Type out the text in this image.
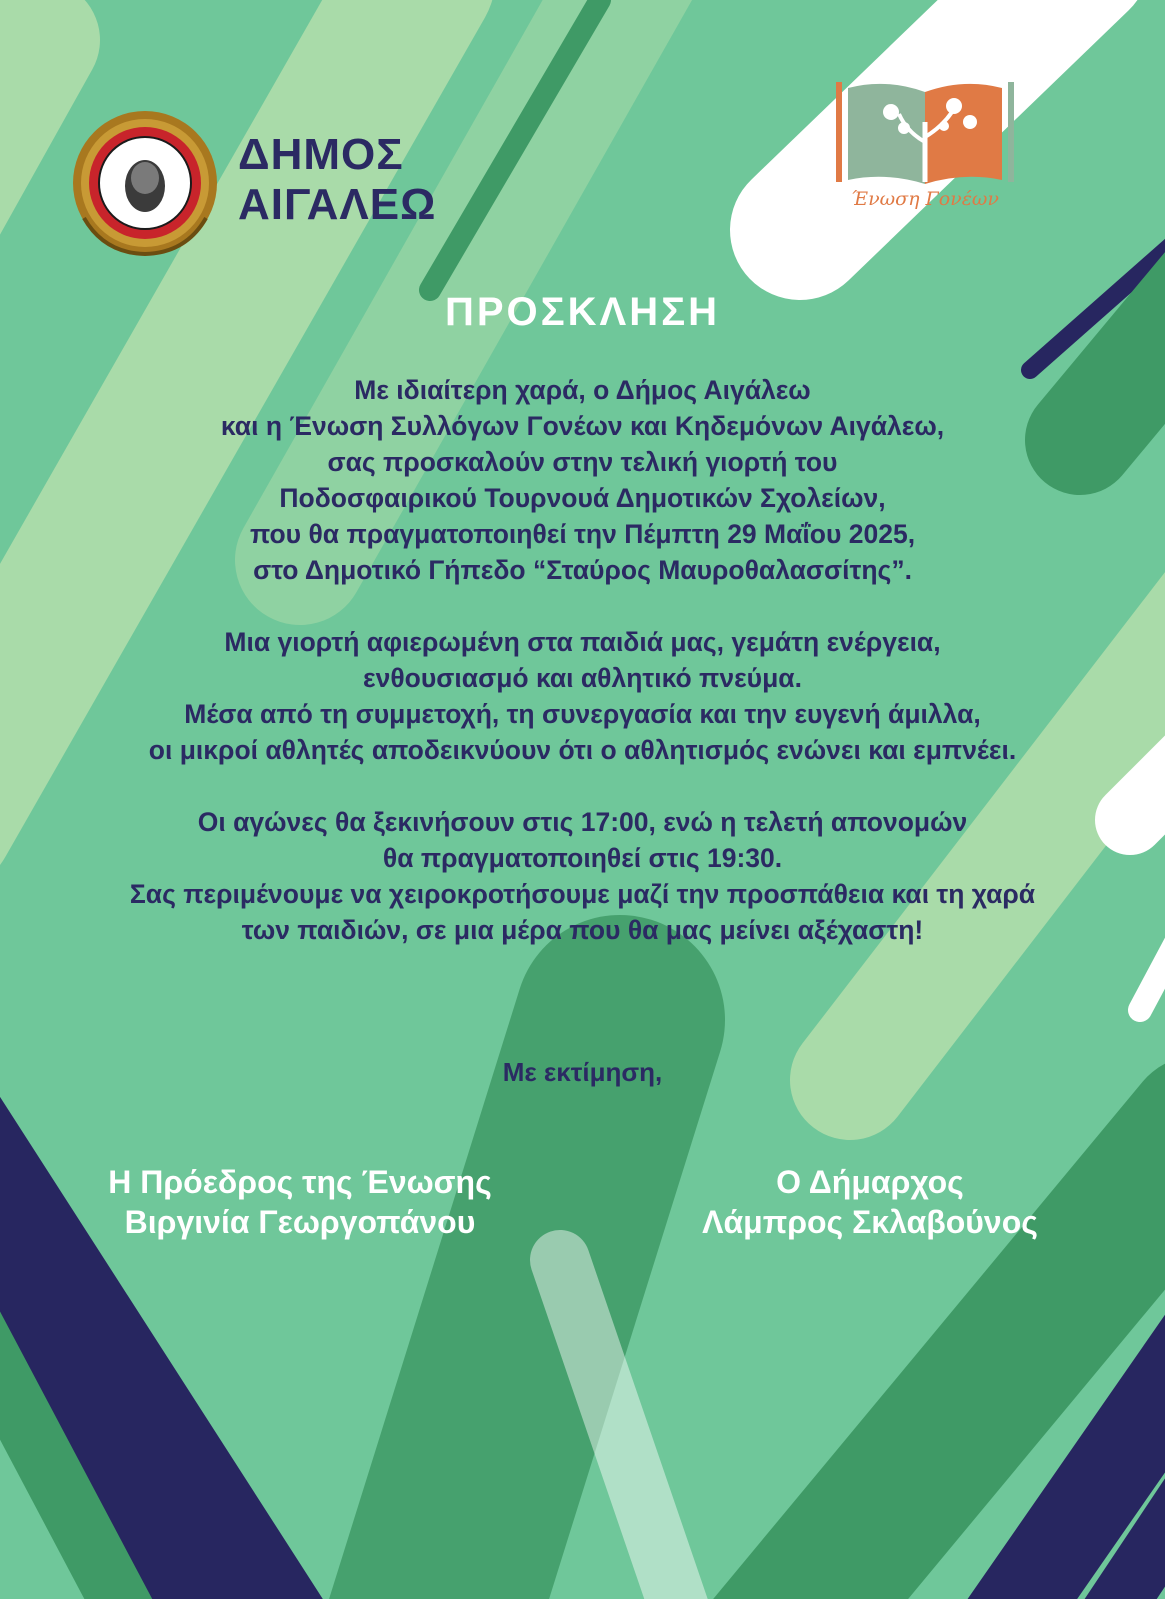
ΔΗΜΟΣ
ΑΙΓΑΛΕΩ	Ένωση Γονέων
ΠΡΟΣΚΛΗΣΗ
Με ιδιαίτερη χαρά, ο Δήμος Αιγάλεω
και η Ένωση Συλλόγων Γονέων και Κηδεμόνων Αιγάλεω,
σας προσκαλούν στην τελική γιορτή του
Ποδοσφαιρικού Τουρνουά Δημοτικών Σχολείων,
που θα πραγματοποιηθεί την Πέμπτη 29 Μαΐου 2025,
στο Δημοτικό Γήπεδο “Σταύρος Μαυροθαλασσίτης”.
Μια γιορτή αφιερωμένη στα παιδιά μας, γεμάτη ενέργεια,
ενθουσιασμό και αθλητικό πνεύμα.
Μέσα από τη συμμετοχή, τη συνεργασία και την ευγενή άμιλλα,
οι μικροί αθλητές αποδεικνύουν ότι ο αθλητισμός ενώνει και εμπνέει.
Οι αγώνες θα ξεκινήσουν στις 17:00, ενώ η τελετή απονομών
θα πραγματοποιηθεί στις 19:30.
Σας περιμένουμε να χειροκροτήσουμε μαζί την προσπάθεια και τη χαρά
των παιδιών, σε μια μέρα που θα μας μείνει αξέχαστη!
Με εκτίμηση,
Η Πρόεδρος της Ένωσης
Βιργινία Γεωργοπάνου
Ο Δήμαρχος
Λάμπρος Σκλαβούνος
